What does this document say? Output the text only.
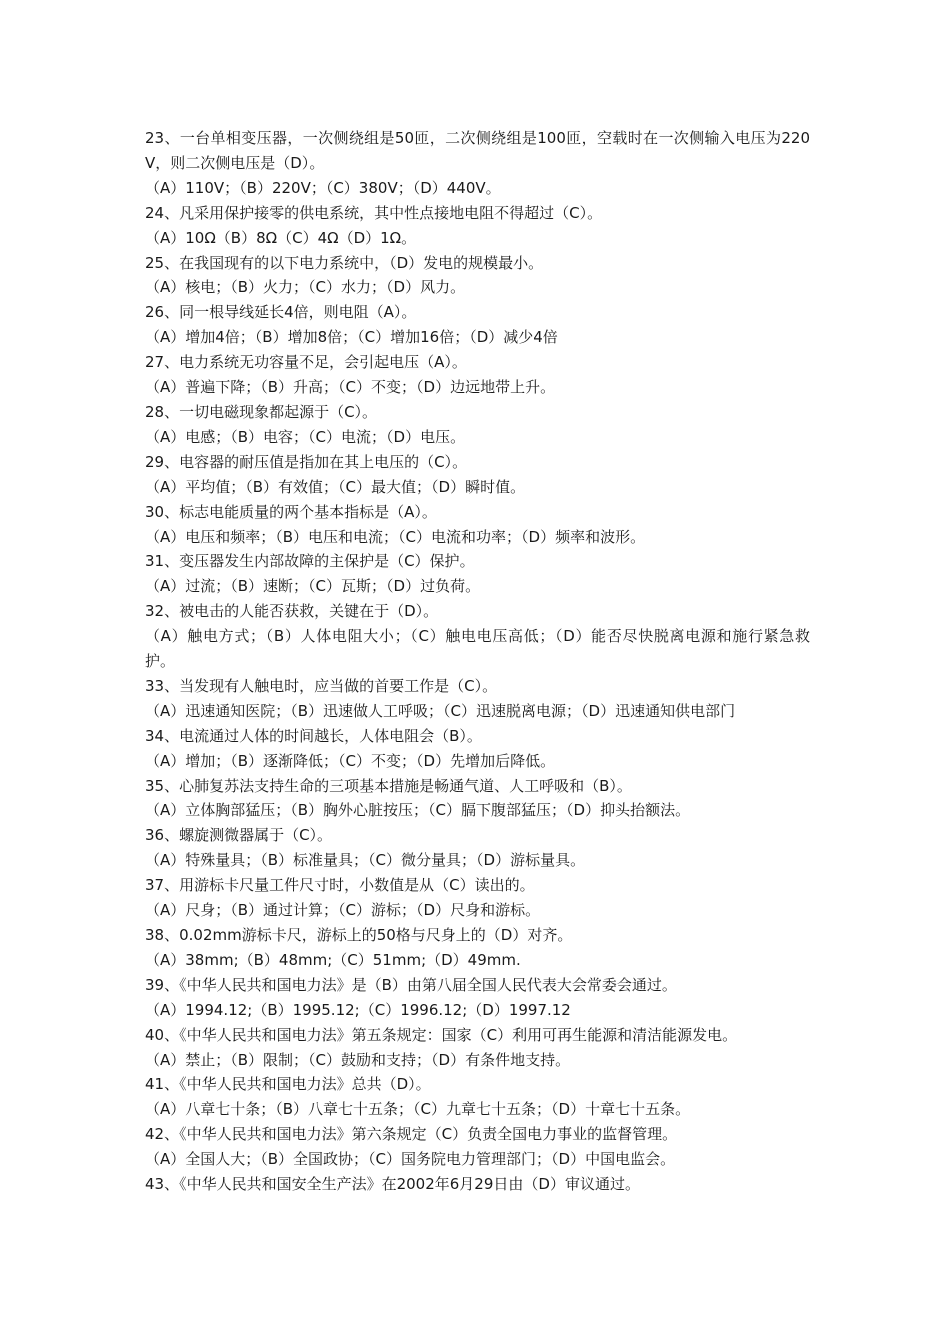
23、一台单相变压器，一次侧绕组是50匝，二次侧绕组是100匝，空载时在一次侧输入电压为220V，则二次侧电压是（D）。

（A）110V；（B）220V；（C）380V；（D）440V。

24、凡采用保护接零的供电系统，其中性点接地电阻不得超过（C）。

（A）10Ω（B）8Ω（C）4Ω（D）1Ω。

25、在我国现有的以下电力系统中，（D）发电的规模最小。

（A）核电；（B）火力；（C）水力；（D）风力。

26、同一根导线延长4倍，则电阻（A）。

（A）增加4倍；（B）增加8倍；（C）增加16倍；（D）减少4倍

27、电力系统无功容量不足，会引起电压（A）。

（A）普遍下降；（B）升高；（C）不变；（D）边远地带上升。

28、一切电磁现象都起源于（C）。

（A）电感；（B）电容；（C）电流；（D）电压。

29、电容器的耐压值是指加在其上电压的（C）。

（A）平均值；（B）有效值；（C）最大值；（D）瞬时值。

30、标志电能质量的两个基本指标是（A）。

（A）电压和频率；（B）电压和电流；（C）电流和功率；（D）频率和波形。

31、变压器发生内部故障的主保护是（C）保护。

（A）过流；（B）速断；（C）瓦斯；（D）过负荷。

32、被电击的人能否获救，关键在于（D）。

（A）触电方式；（B）人体电阻大小；（C）触电电压高低；（D）能否尽快脱离电源和施行紧急救护。

33、当发现有人触电时，应当做的首要工作是（C）。

（A）迅速通知医院；（B）迅速做人工呼吸；（C）迅速脱离电源；（D）迅速通知供电部门

34、电流通过人体的时间越长，人体电阻会（B）。

（A）增加；（B）逐渐降低；（C）不变；（D）先增加后降低。

35、心肺复苏法支持生命的三项基本措施是畅通气道、人工呼吸和（B）。

（A）立体胸部猛压；（B）胸外心脏按压；（C）膈下腹部猛压；（D）抑头抬额法。

36、螺旋测微器属于（C）。

（A）特殊量具；（B）标准量具；（C）微分量具；（D）游标量具。

37、用游标卡尺量工件尺寸时，小数值是从（C）读出的。

（A）尺身；（B）通过计算；（C）游标；（D）尺身和游标。

38、0.02mm游标卡尺，游标上的50格与尺身上的（D）对齐。

（A）38mm;（B）48mm;（C）51mm;（D）49mm.

39、《中华人民共和国电力法》是（B）由第八届全国人民代表大会常委会通过。

（A）1994.12;（B）1995.12;（C）1996.12;（D）1997.12

40、《中华人民共和国电力法》第五条规定：国家（C）利用可再生能源和清洁能源发电。

（A）禁止；（B）限制；（C）鼓励和支持；（D）有条件地支持。

41、《中华人民共和国电力法》总共（D）。

（A）八章七十条；（B）八章七十五条；（C）九章七十五条；（D）十章七十五条。

42、《中华人民共和国电力法》第六条规定（C）负责全国电力事业的监督管理。

（A）全国人大；（B）全国政协；（C）国务院电力管理部门；（D）中国电监会。

43、《中华人民共和国安全生产法》在2002年6月29日由（D）审议通过。
